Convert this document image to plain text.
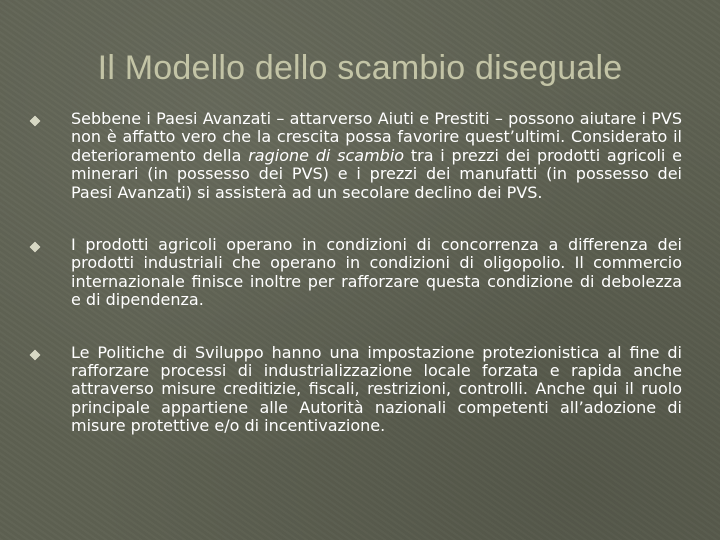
Il Modello dello scambio diseguale
Sebbene i Paesi Avanzati – attarverso Aiuti e Prestiti – possono aiutare i PVS non è affatto vero che la crescita possa favorire quest’ultimi. Considerato il deterioramento della ragione di scambio tra i prezzi dei prodotti agricoli e minerari (in possesso dei PVS) e i prezzi dei manufatti (in possesso dei Paesi Avanzati) si assisterà ad un secolare declino dei PVS.
I prodotti agricoli operano in condizioni di concorrenza a differenza dei prodotti industriali che operano in condizioni di oligopolio. Il commercio internazionale finisce inoltre per rafforzare questa condizione di debolezza e di dipendenza.
Le Politiche di Sviluppo hanno una impostazione protezionistica al fine di rafforzare processi di industrializzazione locale forzata e rapida anche attraverso misure creditizie, fiscali, restrizioni, controlli. Anche qui il ruolo principale appartiene alle Autorità nazionali competenti all’adozione di misure protettive e/o di incentivazione.
